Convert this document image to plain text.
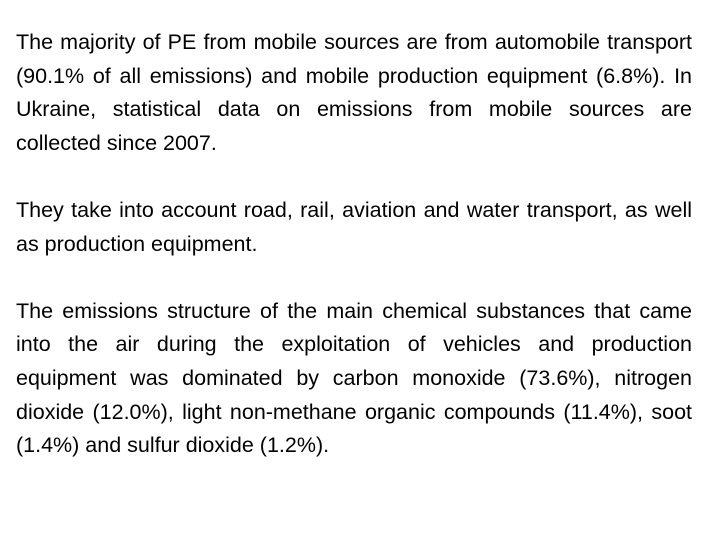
The majority of PE from mobile sources are from automobile transport (90.1% of all emissions) and mobile production equipment (6.8%). In Ukraine, statistical data on emissions from mobile sources are collected since 2007.

They take into account road, rail, aviation and water transport, as well as production equipment.

The emissions structure of the main chemical substances that came into the air during the exploitation of vehicles and production equipment was dominated by carbon monoxide (73.6%), nitrogen dioxide (12.0%), light non-methane organic compounds (11.4%), soot (1.4%) and sulfur dioxide (1.2%).
